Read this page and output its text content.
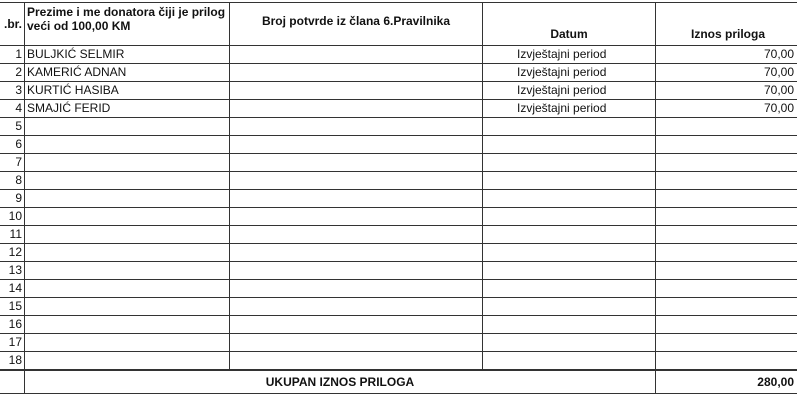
.br.	Prezime i me donatora čiji je prilog veći od 100,00 KM	Broj potvrde iz člana 6.Pravilnika	Datum	Iznos priloga
1	BULJKIĆ SELMIR		Izvještajni period	70,00
2	KAMERIĆ ADNAN		Izvještajni period	70,00
3	KURTIĆ HASIBA		Izvještajni period	70,00
4	SMAJIĆ FERID		Izvještajni period	70,00
5				
6				
7				
8				
9				
10				
11				
12				
13				
14				
15				
16				
17				
18				
	UKUPAN IZNOS PRILOGA			280,00
